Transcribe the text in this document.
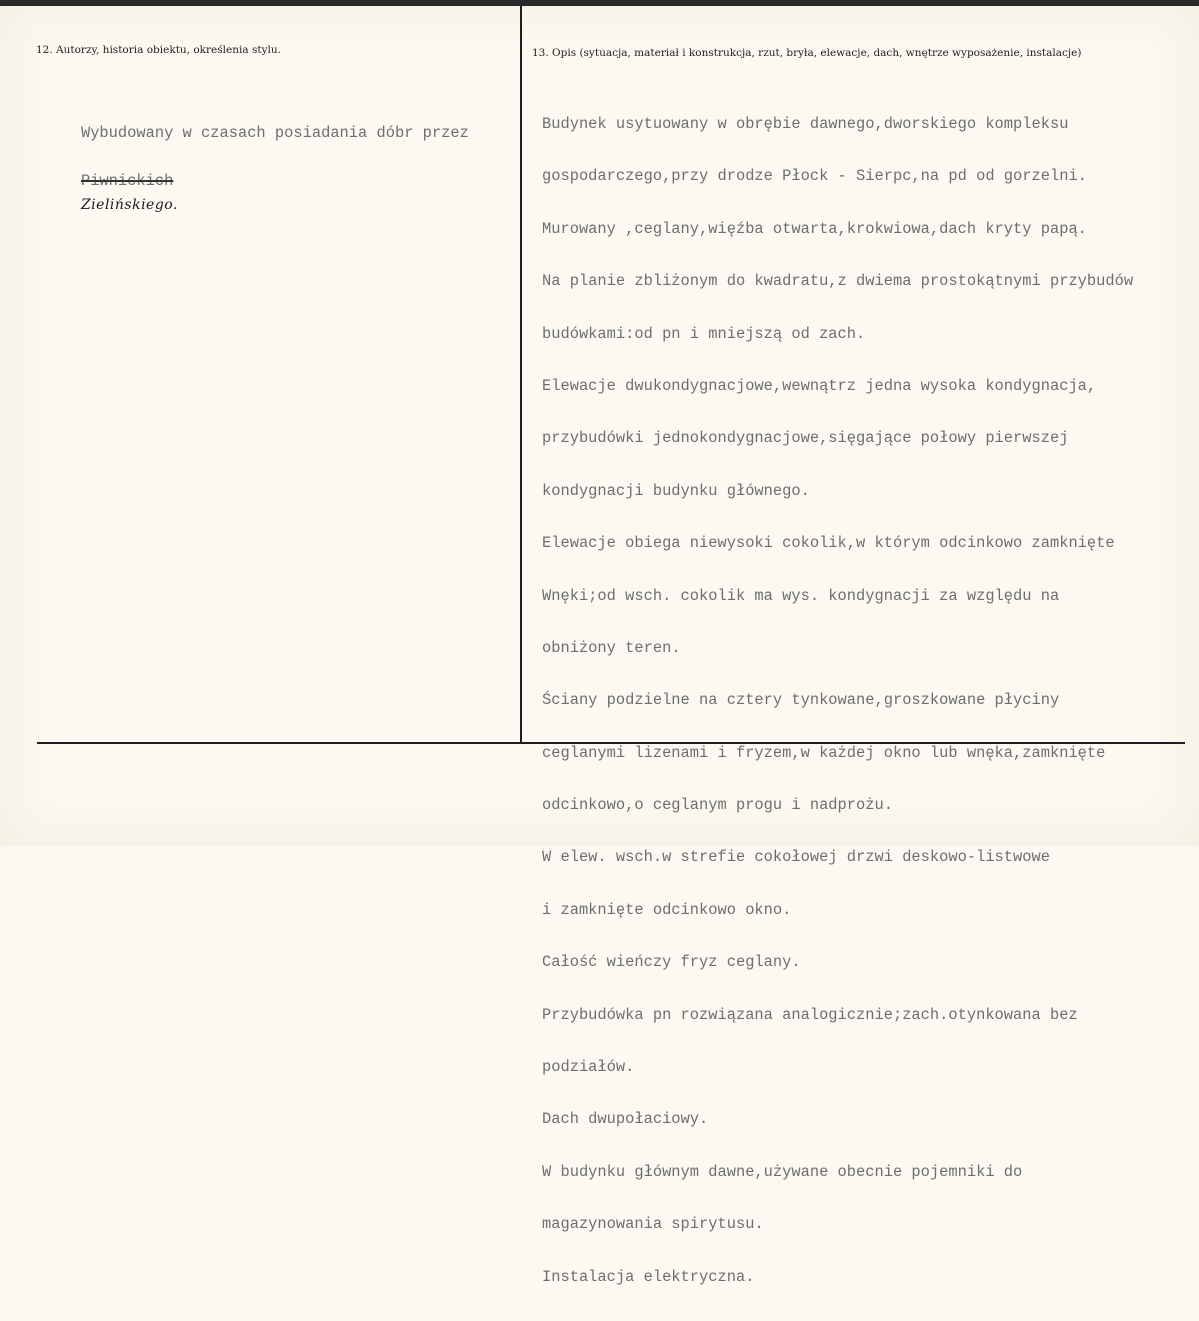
12. Autorzy, historia obiektu, określenia stylu.

Wybudowany w czasach posiadania dóbr przez

Piwnickich
Zielińskiego.

13. Opis (sytuacja, materiał i konstrukcja, rzut, bryła, elewacje, dach, wnętrze wyposażenie, instalacje)

Budynek usytuowany w obrębie dawnego,dworskiego kompleksu

gospodarczego,przy drodze Płock - Sierpc,na pd od gorzelni.

Murowany ,ceglany,więźba otwarta,krokwiowa,dach kryty papą.

Na planie zbliżonym do kwadratu,z dwiema prostokątnymi przybudów

budówkami:od pn i mniejszą od zach.

Elewacje dwukondygnacjowe,wewnątrz jedna wysoka kondygnacja,

przybudówki jednokondygnacjowe,sięgające połowy pierwszej

kondygnacji budynku głównego.

Elewacje obiega niewysoki cokolik,w którym odcinkowo zamknięte

Wnęki;od wsch. cokolik ma wys. kondygnacji za względu na

obniżony teren.

Ściany podzielne na cztery tynkowane,groszkowane płyciny

ceglanymi lizenami i fryzem,w każdej okno lub wnęka,zamknięte

odcinkowo,o ceglanym progu i nadprożu.

W elew. wsch.w strefie cokołowej drzwi deskowo-listwowe

i zamknięte odcinkowo okno.

Całość wieńczy fryz ceglany.

Przybudówka pn rozwiązana analogicznie;zach.otynkowana bez

podziałów.

Dach dwupołaciowy.

W budynku głównym dawne,używane obecnie pojemniki do

magazynowania spirytusu.

Instalacja elektryczna.
